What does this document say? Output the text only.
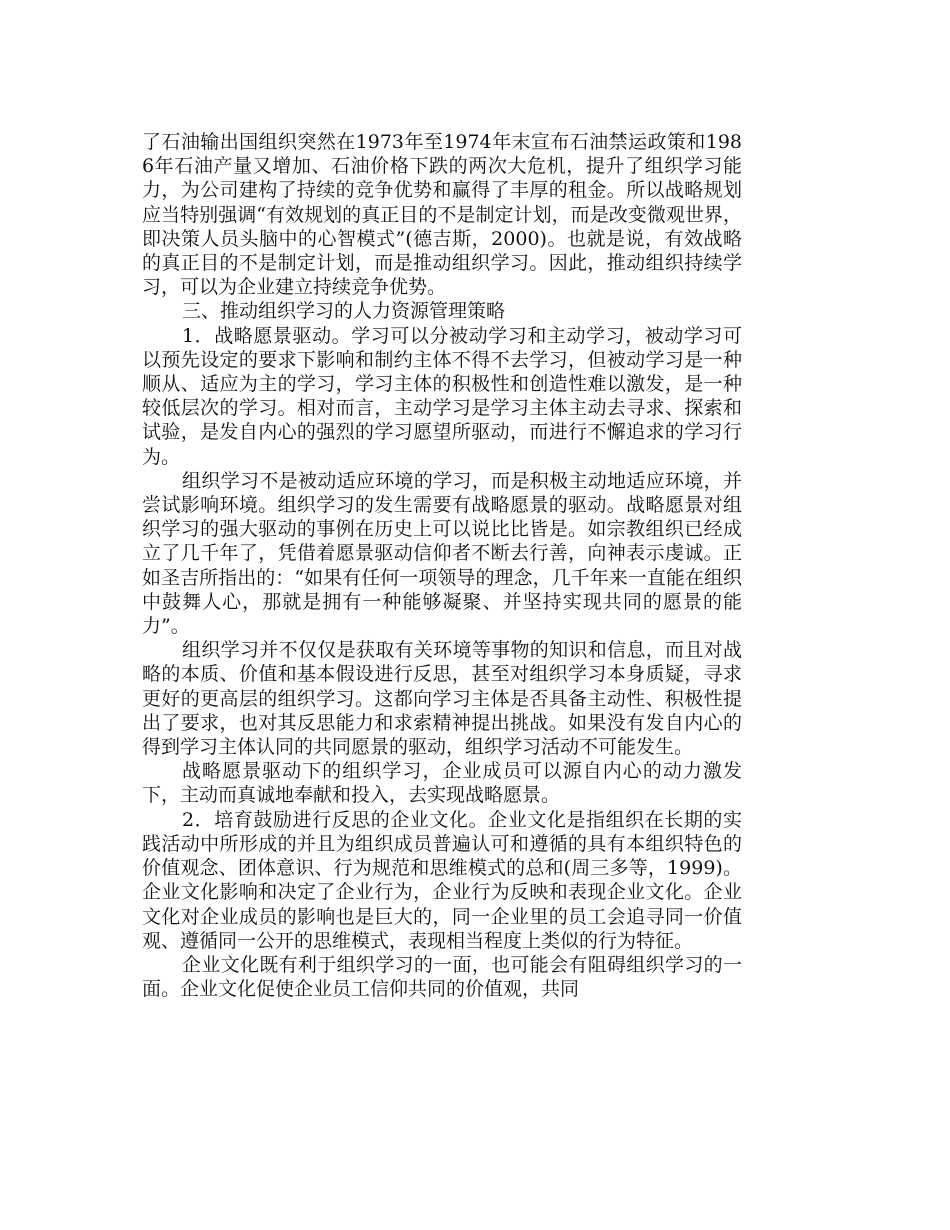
了石油输出国组织突然在1973年至1974年末宣布石油禁运政策和1986年石油产量又增加、石油价格下跌的两次大危机，提升了组织学习能力，为公司建构了持续的竞争优势和赢得了丰厚的租金。所以战略规划应当特别强调“有效规划的真正目的不是制定计划，而是改变微观世界，即决策人员头脑中的心智模式”(德吉斯，2000)。也就是说，有效战略的真正目的不是制定计划，而是推动组织学习。因此，推动组织持续学习，可以为企业建立持续竞争优势。

三、推动组织学习的人力资源管理策略

1．战略愿景驱动。学习可以分被动学习和主动学习，被动学习可以预先设定的要求下影响和制约主体不得不去学习，但被动学习是一种顺从、适应为主的学习，学习主体的积极性和创造性难以激发，是一种较低层次的学习。相对而言，主动学习是学习主体主动去寻求、探索和试验，是发自内心的强烈的学习愿望所驱动，而进行不懈追求的学习行为。

组织学习不是被动适应环境的学习，而是积极主动地适应环境，并尝试影响环境。组织学习的发生需要有战略愿景的驱动。战略愿景对组织学习的强大驱动的事例在历史上可以说比比皆是。如宗教组织已经成立了几千年了，凭借着愿景驱动信仰者不断去行善，向神表示虔诚。正如圣吉所指出的：“如果有任何一项领导的理念，几千年来一直能在组织中鼓舞人心，那就是拥有一种能够凝聚、并坚持实现共同的愿景的能力”。

组织学习并不仅仅是获取有关环境等事物的知识和信息，而且对战略的本质、价值和基本假设进行反思，甚至对组织学习本身质疑，寻求更好的更高层的组织学习。这都向学习主体是否具备主动性、积极性提出了要求，也对其反思能力和求索精神提出挑战。如果没有发自内心的得到学习主体认同的共同愿景的驱动，组织学习活动不可能发生。

战略愿景驱动下的组织学习，企业成员可以源自内心的动力激发下，主动而真诚地奉献和投入，去实现战略愿景。

2．培育鼓励进行反思的企业文化。企业文化是指组织在长期的实践活动中所形成的并且为组织成员普遍认可和遵循的具有本组织特色的价值观念、团体意识、行为规范和思维模式的总和(周三多等，1999)。企业文化影响和决定了企业行为，企业行为反映和表现企业文化。企业文化对企业成员的影响也是巨大的，同一企业里的员工会追寻同一价值观、遵循同一公开的思维模式，表现相当程度上类似的行为特征。

企业文化既有利于组织学习的一面，也可能会有阻碍组织学习的一面。企业文化促使企业员工信仰共同的价值观，共同
